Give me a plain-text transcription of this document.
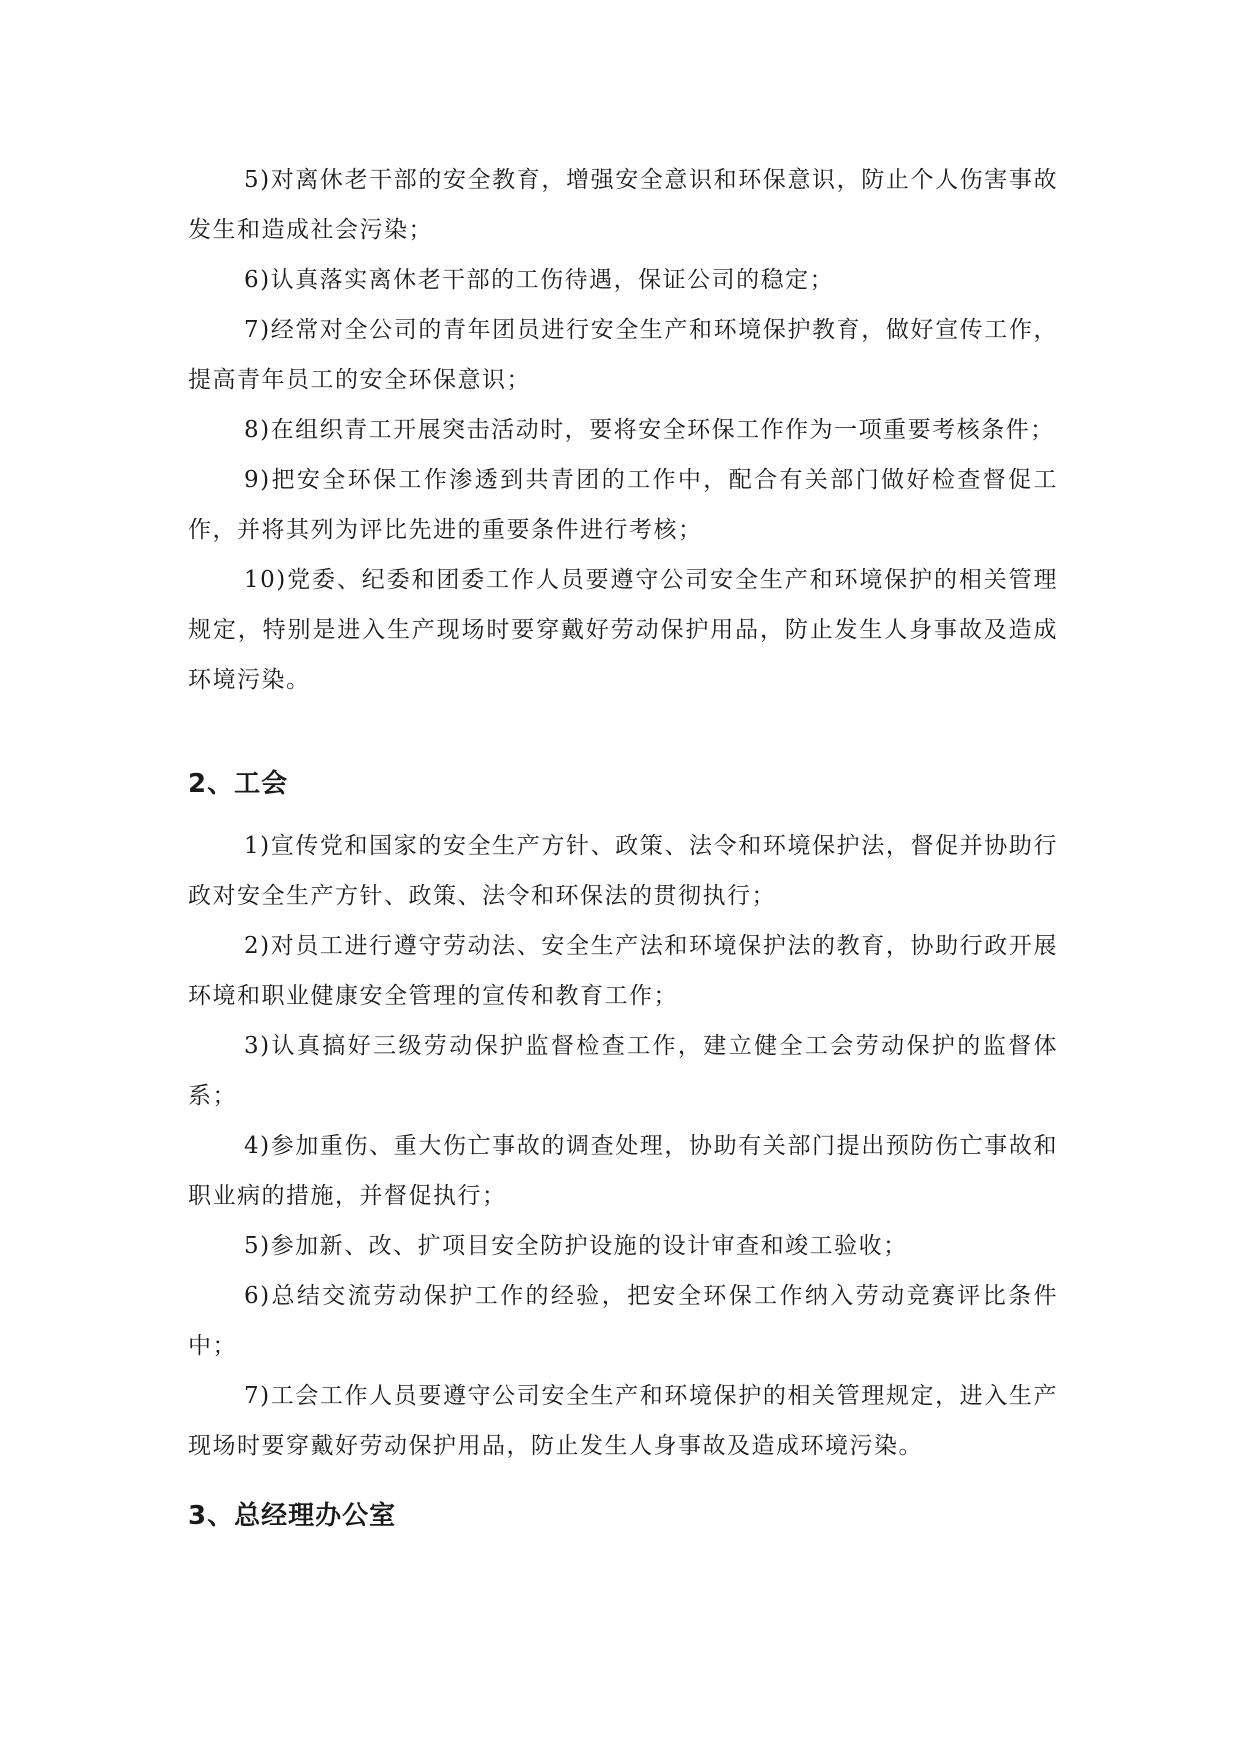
5)对离休老干部的安全教育，增强安全意识和环保意识，防止个人伤害事故发生和造成社会污染；

6)认真落实离休老干部的工伤待遇，保证公司的稳定；

7)经常对全公司的青年团员进行安全生产和环境保护教育，做好宣传工作，提高青年员工的安全环保意识；

8)在组织青工开展突击活动时，要将安全环保工作作为一项重要考核条件；

9)把安全环保工作渗透到共青团的工作中，配合有关部门做好检查督促工作，并将其列为评比先进的重要条件进行考核；

10)党委、纪委和团委工作人员要遵守公司安全生产和环境保护的相关管理规定，特别是进入生产现场时要穿戴好劳动保护用品，防止发生人身事故及造成环境污染。

2、工会

1)宣传党和国家的安全生产方针、政策、法令和环境保护法，督促并协助行政对安全生产方针、政策、法令和环保法的贯彻执行；

2)对员工进行遵守劳动法、安全生产法和环境保护法的教育，协助行政开展环境和职业健康安全管理的宣传和教育工作；

3)认真搞好三级劳动保护监督检查工作，建立健全工会劳动保护的监督体系；

4)参加重伤、重大伤亡事故的调查处理，协助有关部门提出预防伤亡事故和职业病的措施，并督促执行；

5)参加新、改、扩项目安全防护设施的设计审查和竣工验收；

6)总结交流劳动保护工作的经验，把安全环保工作纳入劳动竞赛评比条件中；

7)工会工作人员要遵守公司安全生产和环境保护的相关管理规定，进入生产现场时要穿戴好劳动保护用品，防止发生人身事故及造成环境污染。

3、总经理办公室
